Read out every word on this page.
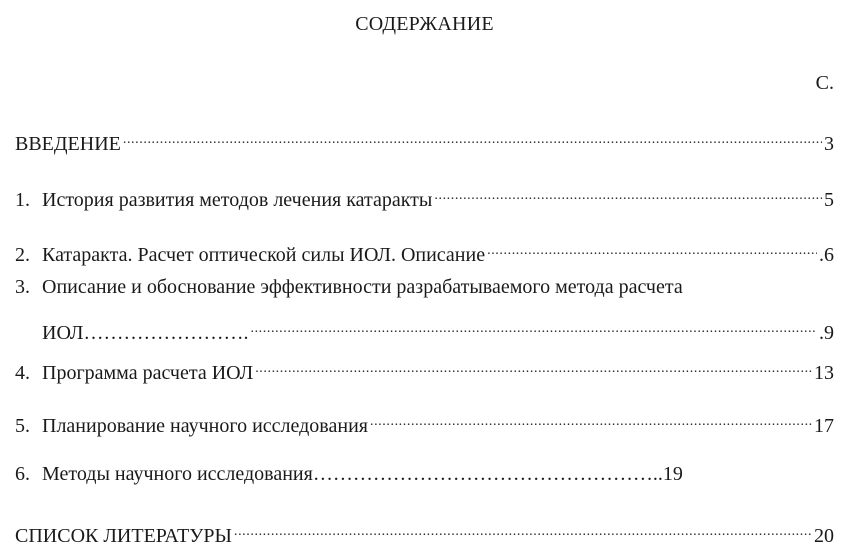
СОДЕРЖАНИЕ
С.
ВВЕДЕНИЕ .....	3
1. История развития методов лечения катаракты .....	5
2. Катаракта. Расчет оптической силы ИОЛ. Описание .....	.6
3. Описание и обоснование эффективности разрабатываемого метода расчета
ИОЛ……………………. .....	.9
4. Программа расчета ИОЛ .....	13
5. Планирование научного исследования .....	17
6. Методы научного исследования…………………………………………… ..19
СПИСОК ЛИТЕРАТУРЫ .....	20
